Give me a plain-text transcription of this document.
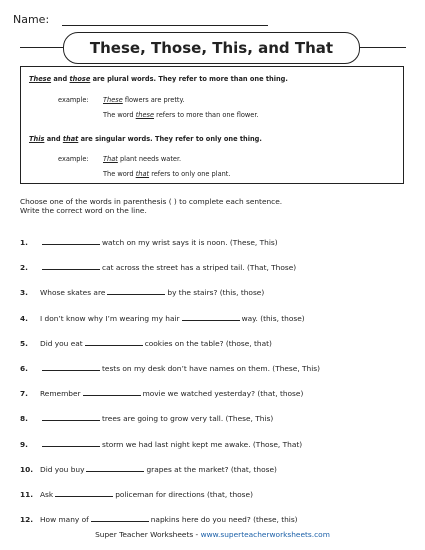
Name:
These, Those, This, and That
These and those are plural words. They refer to more than one thing.
example: These flowers are pretty.
The word these refers to more than one flower.
This and that are singular words. They refer to only one thing.
example: That plant needs water.
The word that refers to only one plant.
Choose one of the words in parenthesis ( ) to complete each sentence.
Write the correct word on the line.
1.	watch on my wrist says it is noon. (These, This)
2.	cat across the street has a striped tail. (That, Those)
3. Whose skates are	by the stairs? (this, those)
4. I don’t know why I’m wearing my hair	way. (this, those)
5. Did you eat	cookies on the table? (those, that)
6.	tests on my desk don’t have names on them. (These, This)
7. Remember	movie we watched yesterday? (that, those)
8.	trees are going to grow very tall. (These, This)
9.	storm we had last night kept me awake. (Those, That)
10. Did you buy	grapes at the market? (that, those)
11. Ask	policeman for directions (that, those)
12. How many of	napkins here do you need? (these, this)
Super Teacher Worksheets - www.superteacherworksheets.com
